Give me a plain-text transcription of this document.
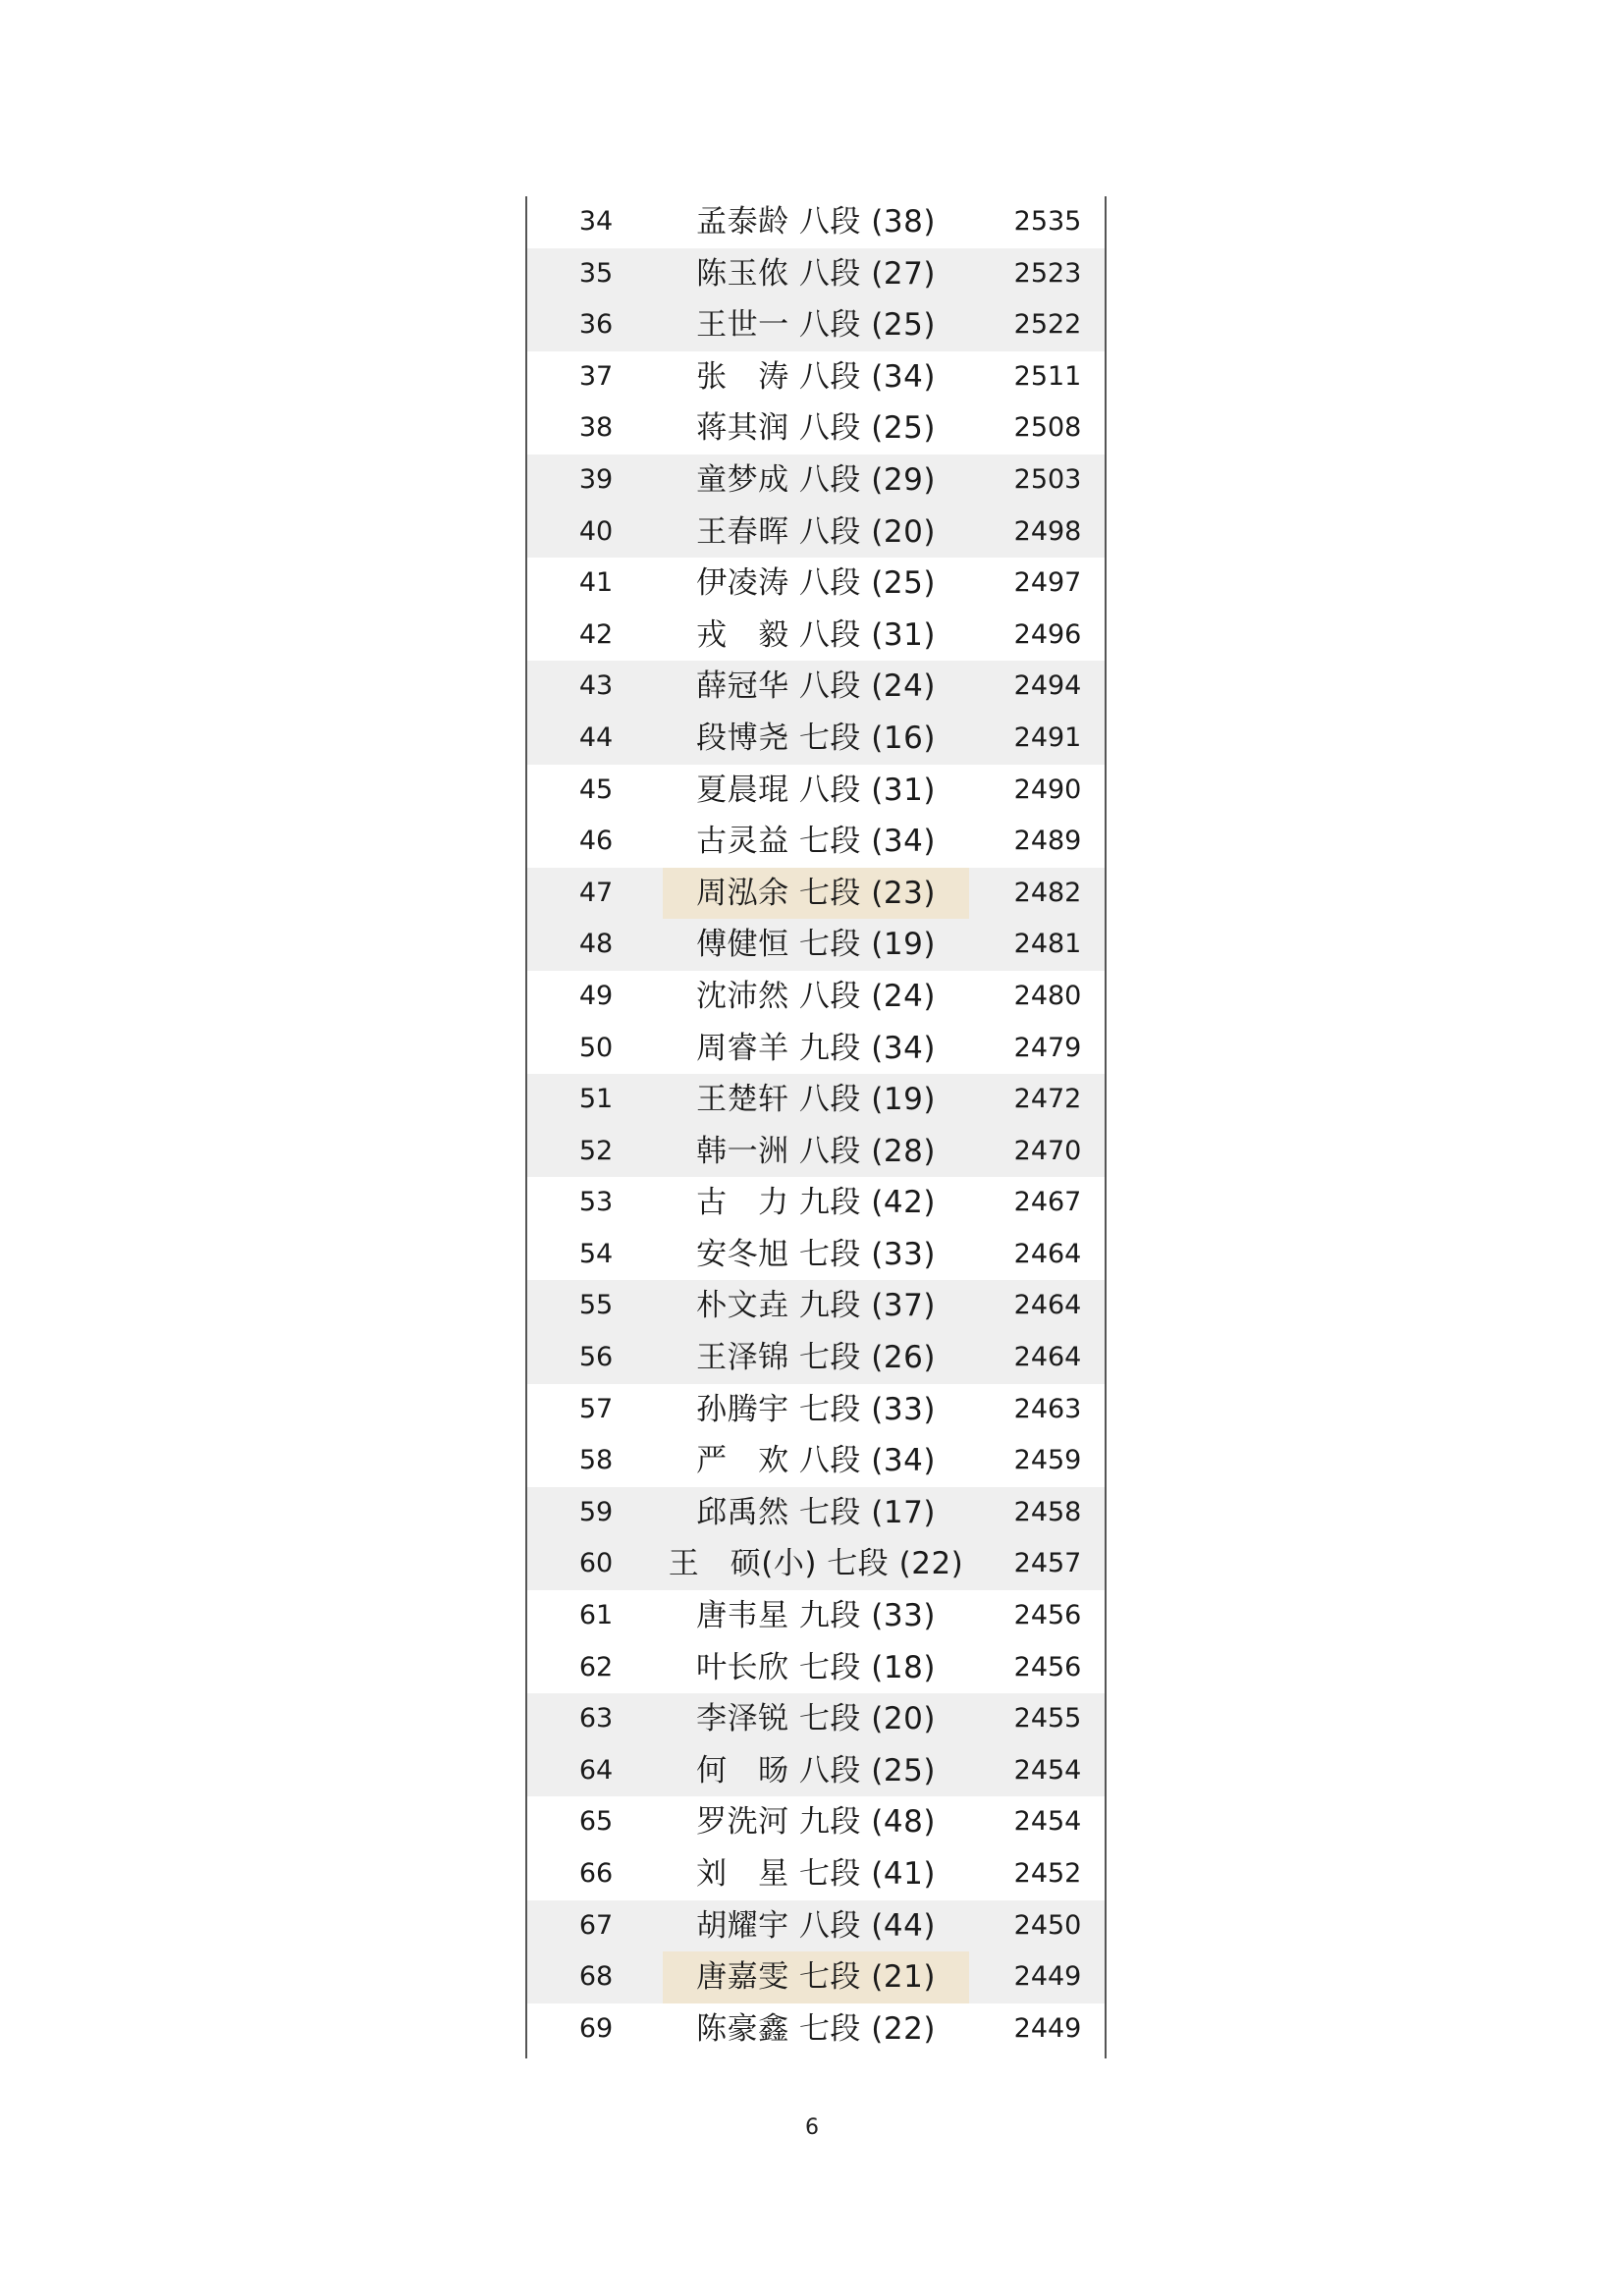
34	孟泰龄 八段 (38)	2535
35	陈玉侬 八段 (27)	2523
36	王世一 八段 (25)	2522
37	张　涛 八段 (34)	2511
38	蒋其润 八段 (25)	2508
39	童梦成 八段 (29)	2503
40	王春晖 八段 (20)	2498
41	伊凌涛 八段 (25)	2497
42	戎　毅 八段 (31)	2496
43	薛冠华 八段 (24)	2494
44	段博尧 七段 (16)	2491
45	夏晨琨 八段 (31)	2490
46	古灵益 七段 (34)	2489
47	周泓余 七段 (23)	2482
48	傅健恒 七段 (19)	2481
49	沈沛然 八段 (24)	2480
50	周睿羊 九段 (34)	2479
51	王楚轩 八段 (19)	2472
52	韩一洲 八段 (28)	2470
53	古　力 九段 (42)	2467
54	安冬旭 七段 (33)	2464
55	朴文垚 九段 (37)	2464
56	王泽锦 七段 (26)	2464
57	孙腾宇 七段 (33)	2463
58	严　欢 八段 (34)	2459
59	邱禹然 七段 (17)	2458
60	王　硕(小) 七段 (22)	2457
61	唐韦星 九段 (33)	2456
62	叶长欣 七段 (18)	2456
63	李泽锐 七段 (20)	2455
64	何　旸 八段 (25)	2454
65	罗洗河 九段 (48)	2454
66	刘　星 七段 (41)	2452
67	胡耀宇 八段 (44)	2450
68	唐嘉雯 七段 (21)	2449
69	陈豪鑫 七段 (22)	2449
6
